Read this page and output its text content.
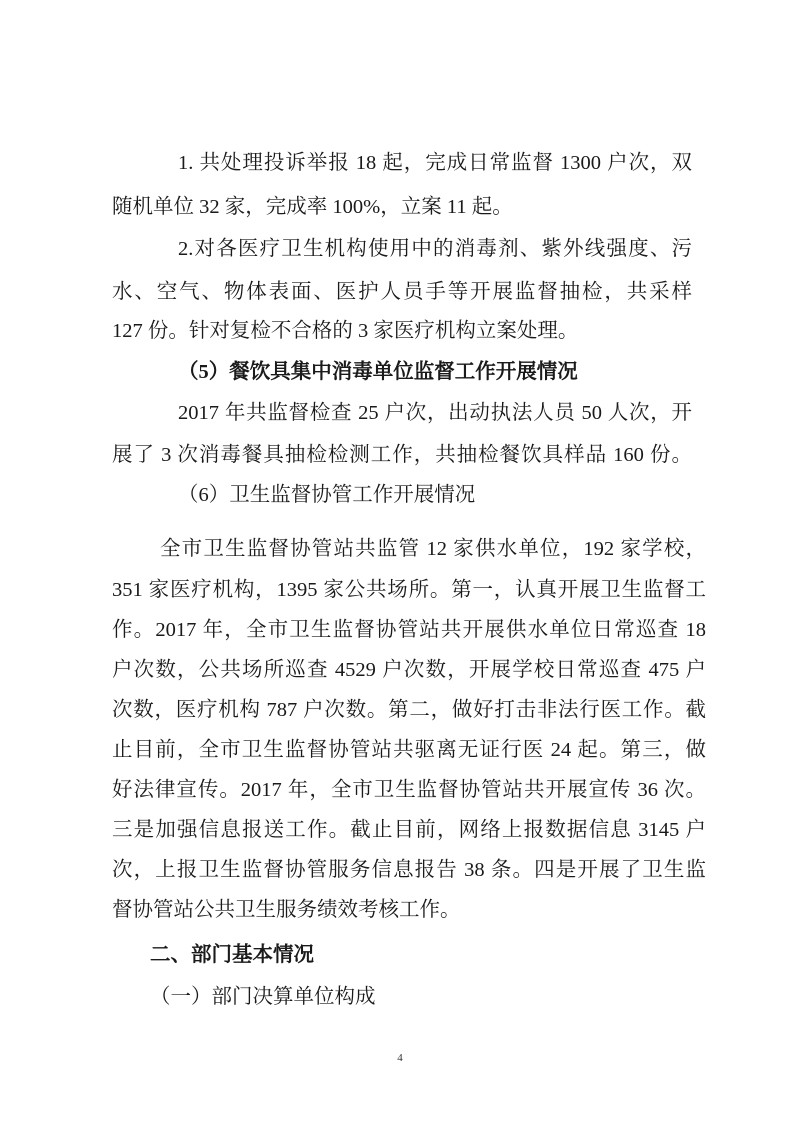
1. 共处理投诉举报 18 起，完成日常监督 1300 户次，双
随机单位 32 家，完成率 100%，立案 11 起。
2.对各医疗卫生机构使用中的消毒剂、紫外线强度、污
水、空气、物体表面、医护人员手等开展监督抽检，共采样
127 份。针对复检不合格的 3 家医疗机构立案处理。
（5）餐饮具集中消毒单位监督工作开展情况
2017 年共监督检查 25 户次，出动执法人员 50 人次，开
展了 3 次消毒餐具抽检检测工作，共抽检餐饮具样品 160 份。
（6）卫生监督协管工作开展情况
全市卫生监督协管站共监管 12 家供水单位，192 家学校，
351 家医疗机构，1395 家公共场所。第一，认真开展卫生监督工
作。2017 年，全市卫生监督协管站共开展供水单位日常巡查 18
户次数，公共场所巡查 4529 户次数，开展学校日常巡查 475 户
次数，医疗机构 787 户次数。第二，做好打击非法行医工作。截
止目前，全市卫生监督协管站共驱离无证行医 24 起。第三，做
好法律宣传。2017 年，全市卫生监督协管站共开展宣传 36 次。
三是加强信息报送工作。截止目前，网络上报数据信息 3145 户
次，上报卫生监督协管服务信息报告 38 条。四是开展了卫生监
督协管站公共卫生服务绩效考核工作。
二、部门基本情况
（一）部门决算单位构成
4
